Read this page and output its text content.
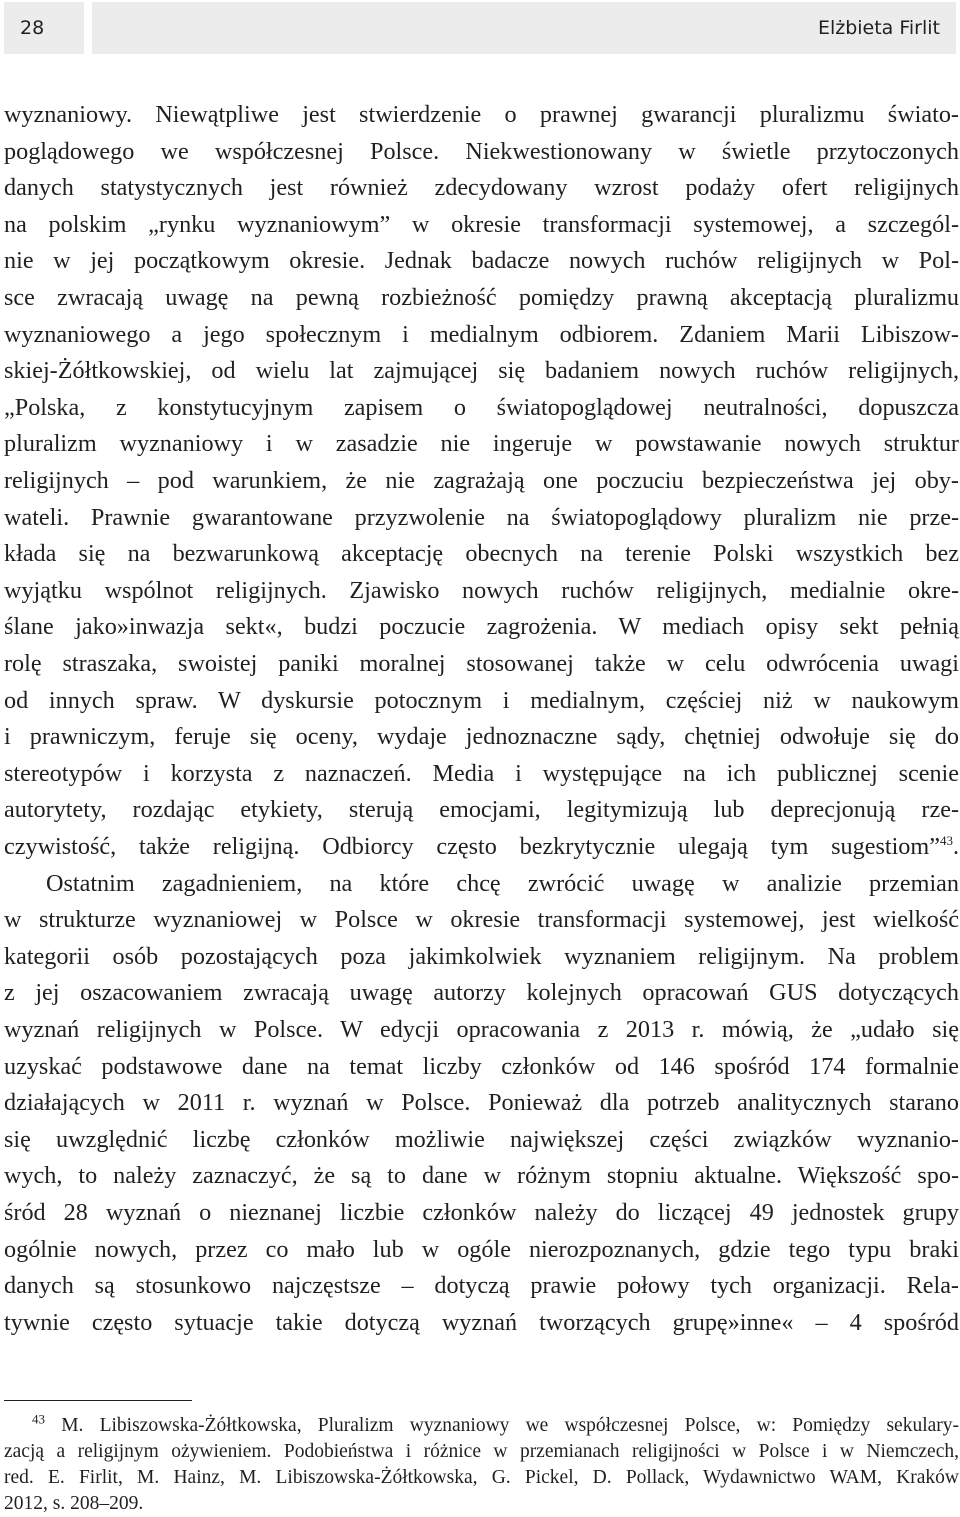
28	Elżbieta Firlit
wyznaniowy. Niewątpliwe jest stwierdzenie o prawnej gwarancji pluralizmu świato-
poglądowego we współczesnej Polsce. Niekwestionowany w świetle przytoczonych
danych statystycznych jest również zdecydowany wzrost podaży ofert religijnych
na polskim „rynku wyznaniowym” w okresie transformacji systemowej, a szczegól-
nie w jej początkowym okresie. Jednak badacze nowych ruchów religijnych w Pol-
sce zwracają uwagę na pewną rozbieżność pomiędzy prawną akceptacją pluralizmu
wyznaniowego a jego społecznym i medialnym odbiorem. Zdaniem Marii Libiszow-
skiej-Żółtkowskiej, od wielu lat zajmującej się badaniem nowych ruchów religijnych,
„Polska, z konstytucyjnym zapisem o światopoglądowej neutralności, dopuszcza
pluralizm wyznaniowy i w zasadzie nie ingeruje w powstawanie nowych struktur
religijnych – pod warunkiem, że nie zagrażają one poczuciu bezpieczeństwa jej oby-
wateli. Prawnie gwarantowane przyzwolenie na światopoglądowy pluralizm nie prze-
kłada się na bezwarunkową akceptację obecnych na terenie Polski wszystkich bez
wyjątku wspólnot religijnych. Zjawisko nowych ruchów religijnych, medialnie okre-
ślane jako»inwazja sekt«, budzi poczucie zagrożenia. W mediach opisy sekt pełnią
rolę straszaka, swoistej paniki moralnej stosowanej także w celu odwrócenia uwagi
od innych spraw. W dyskursie potocznym i medialnym, częściej niż w naukowym
i prawniczym, feruje się oceny, wydaje jednoznaczne sądy, chętniej odwołuje się do
stereotypów i korzysta z naznaczeń. Media i występujące na ich publicznej scenie
autorytety, rozdając etykiety, sterują emocjami, legitymizują lub deprecjonują rze-
czywistość, także religijną. Odbiorcy często bezkrytycznie ulegają tym sugestiom”$^{43}$.
Ostatnim zagadnieniem, na które chcę zwrócić uwagę w analizie przemian
w strukturze wyznaniowej w Polsce w okresie transformacji systemowej, jest wielkość
kategorii osób pozostających poza jakimkolwiek wyznaniem religijnym. Na problem
z jej oszacowaniem zwracają uwagę autorzy kolejnych opracowań GUS dotyczących
wyznań religijnych w Polsce. W edycji opracowania z 2013 r. mówią, że „udało się
uzyskać podstawowe dane na temat liczby członków od 146 spośród 174 formalnie
działających w 2011 r. wyznań w Polsce. Ponieważ dla potrzeb analitycznych starano
się uwzględnić liczbę członków możliwie największej części związków wyznanio-
wych, to należy zaznaczyć, że są to dane w różnym stopniu aktualne. Większość spo-
śród 28 wyznań o nieznanej liczbie członków należy do liczącej 49 jednostek grupy
ogólnie nowych, przez co mało lub w ogóle nierozpoznanych, gdzie tego typu braki
danych są stosunkowo najczęstsze – dotyczą prawie połowy tych organizacji. Rela-
tywnie często sytuacje takie dotyczą wyznań tworzących grupę»inne« – 4 spośród
$^{43}$ M. Libiszowska-Żółtkowska, Pluralizm wyznaniowy we współczesnej Polsce, w: Pomiędzy sekulary-
zacją a religijnym ożywieniem. Podobieństwa i różnice w przemianach religijności w Polsce i w Niemczech,
red. E. Firlit, M. Hainz, M. Libiszowska-Żółtkowska, G. Pickel, D. Pollack, Wydawnictwo WAM, Kraków
2012, s. 208–209.
